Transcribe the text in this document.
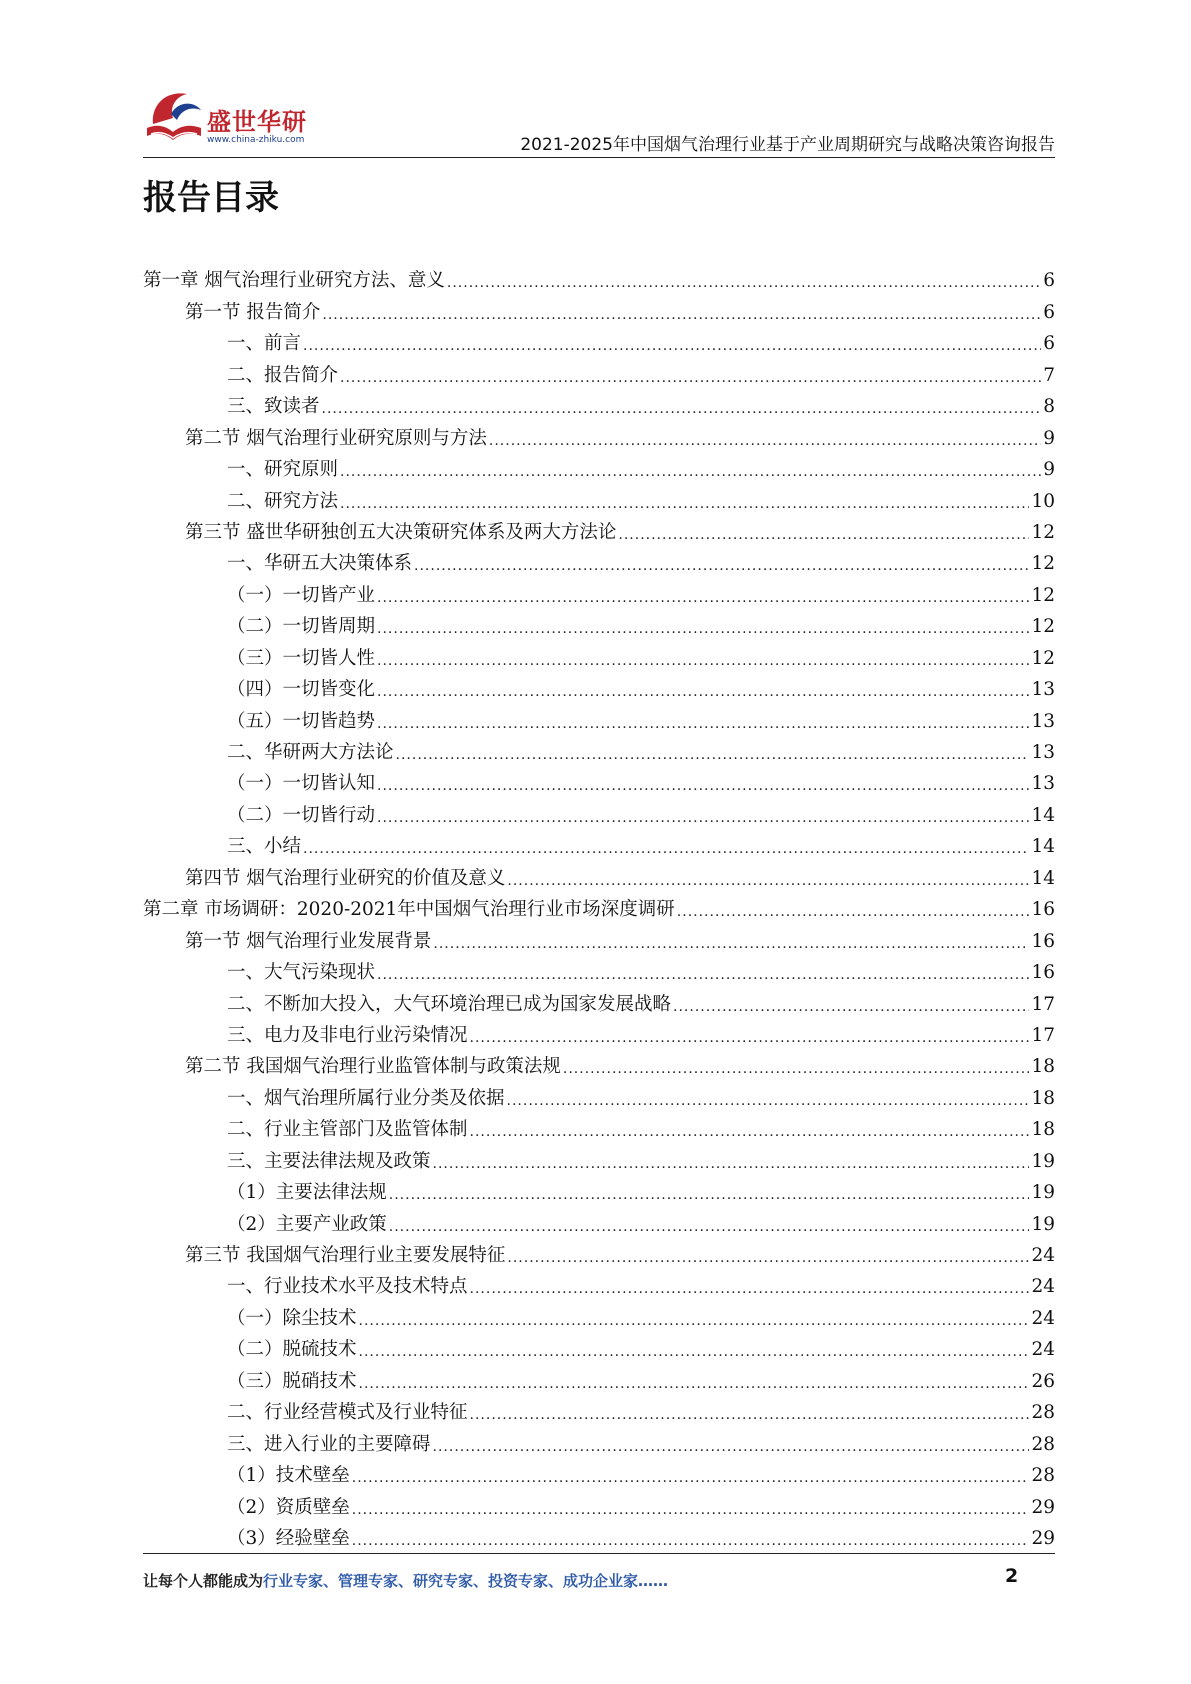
盛世华研
www.china-zhiku.com	2021-2025年中国烟气治理行业基于产业周期研究与战略决策咨询报告
报告目录
第一章 烟气治理行业研究方法、意义 .....	6
第一节 报告简介 .....	6
一、前言 .....	6
二、报告简介 .....	7
三、致读者 .....	8
第二节 烟气治理行业研究原则与方法 .....	9
一、研究原则 .....	9
二、研究方法 .....	10
第三节 盛世华研独创五大决策研究体系及两大方法论 .....	12
一、华研五大决策体系 .....	12
（一）一切皆产业 .....	12
（二）一切皆周期 .....	12
（三）一切皆人性 .....	12
（四）一切皆变化 .....	13
（五）一切皆趋势 .....	13
二、华研两大方法论 .....	13
（一）一切皆认知 .....	13
（二）一切皆行动 .....	14
三、小结 .....	14
第四节 烟气治理行业研究的价值及意义 .....	14
第二章 市场调研：2020-2021年中国烟气治理行业市场深度调研 .....	16
第一节 烟气治理行业发展背景 .....	16
一、大气污染现状 .....	16
二、不断加大投入，大气环境治理已成为国家发展战略 .....	17
三、电力及非电行业污染情况 .....	17
第二节 我国烟气治理行业监管体制与政策法规 .....	18
一、烟气治理所属行业分类及依据 .....	18
二、行业主管部门及监管体制 .....	18
三、主要法律法规及政策 .....	19
（1）主要法律法规 .....	19
（2）主要产业政策 .....	19
第三节 我国烟气治理行业主要发展特征 .....	24
一、行业技术水平及技术特点 .....	24
（一）除尘技术 .....	24
（二）脱硫技术 .....	24
（三）脱硝技术 .....	26
二、行业经营模式及行业特征 .....	28
三、进入行业的主要障碍 .....	28
（1）技术壁垒 .....	28
（2）资质壁垒 .....	29
（3）经验壁垒 .....	29
让每个人都能成为行业专家、管理专家、研究专家、投资专家、成功企业家……	2
